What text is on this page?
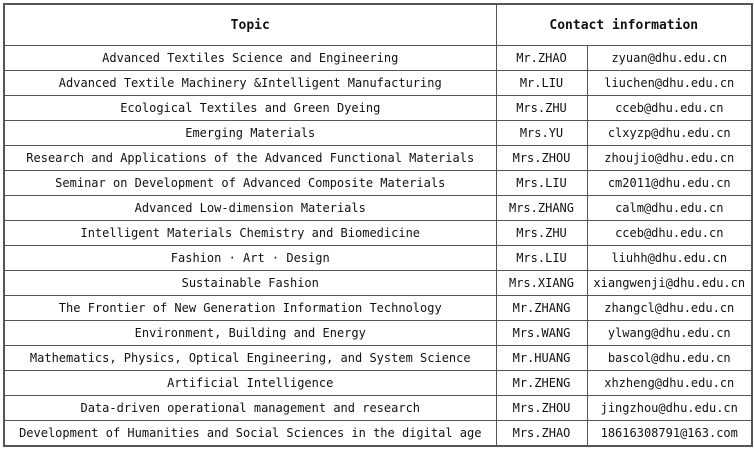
Topic	Contact information	
Advanced Textiles Science and Engineering	Mr.ZHAO	zyuan@dhu.edu.cn
Advanced Textile Machinery &Intelligent Manufacturing	Mr.LIU	liuchen@dhu.edu.cn
Ecological Textiles and Green Dyeing	Mrs.ZHU	cceb@dhu.edu.cn
Emerging Materials	Mrs.YU	clxyzp@dhu.edu.cn
Research and Applications of the Advanced Functional Materials	Mrs.ZHOU	zhoujio@dhu.edu.cn
Seminar on Development of Advanced Composite Materials	Mrs.LIU	cm2011@dhu.edu.cn
Advanced Low-dimension Materials	Mrs.ZHANG	calm@dhu.edu.cn
Intelligent Materials Chemistry and Biomedicine	Mrs.ZHU	cceb@dhu.edu.cn
Fashion · Art · Design	Mrs.LIU	liuhh@dhu.edu.cn
Sustainable Fashion	Mrs.XIANG	xiangwenji@dhu.edu.cn
The Frontier of New Generation Information Technology	Mr.ZHANG	zhangcl@dhu.edu.cn
Environment, Building and Energy	Mrs.WANG	ylwang@dhu.edu.cn
Mathematics, Physics, Optical Engineering, and System Science	Mr.HUANG	bascol@dhu.edu.cn
Artificial Intelligence	Mr.ZHENG	xhzheng@dhu.edu.cn
Data-driven operational management and research	Mrs.ZHOU	jingzhou@dhu.edu.cn
Development of Humanities and Social Sciences in the digital age	Mrs.ZHAO	18616308791@163.com
